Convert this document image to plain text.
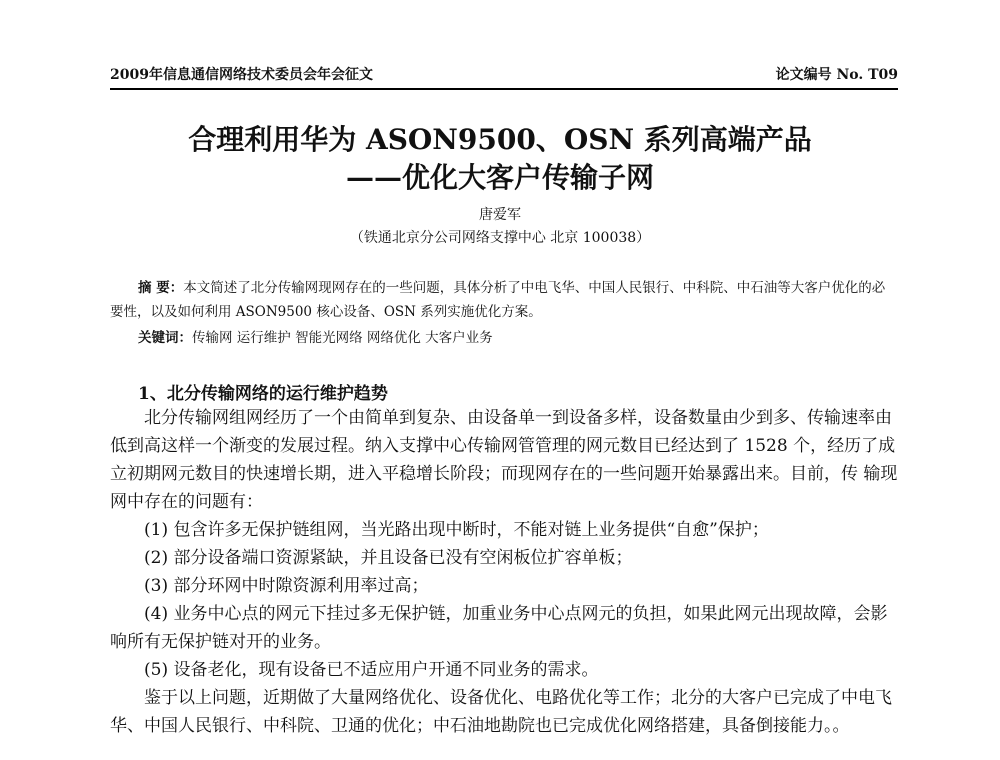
2009年信息通信网络技术委员会年会征文	论文编号 No. T09
合理利用华为 ASON9500、OSN 系列高端产品
——优化大客户传输子网
唐爱军
（铁通北京分公司网络支撑中心 北京 100038）
摘 要：本文简述了北分传输网现网存在的一些问题，具体分析了中电飞华、中国人民银行、中科院、中石油等大客户优化的必要性，以及如何利用 ASON9500 核心设备、OSN 系列实施优化方案。
关键词：传输网 运行维护 智能光网络 网络优化 大客户业务
1、北分传输网络的运行维护趋势

北分传输网组网经历了一个由简单到复杂、由设备单一到设备多样，设备数量由少到多、传输速率由低到高这样一个渐变的发展过程。纳入支撑中心传输网管管理的网元数目已经达到了 1528 个，经历了成立初期网元数目的快速增长期，进入平稳增长阶段；而现网存在的一些问题开始暴露出来。目前，传 输现网中存在的问题有：

(1) 包含许多无保护链组网，当光路出现中断时，不能对链上业务提供“自愈”保护；

(2) 部分设备端口资源紧缺，并且设备已没有空闲板位扩容单板；

(3) 部分环网中时隙资源利用率过高；

(4) 业务中心点的网元下挂过多无保护链，加重业务中心点网元的负担，如果此网元出现故障，会影响所有无保护链对开的业务。

(5) 设备老化，现有设备已不适应用户开通不同业务的需求。

鉴于以上问题，近期做了大量网络优化、设备优化、电路优化等工作；北分的大客户已完成了中电飞华、中国人民银行、中科院、卫通的优化；中石油地勘院也已完成优化网络搭建，具备倒接能力。。
